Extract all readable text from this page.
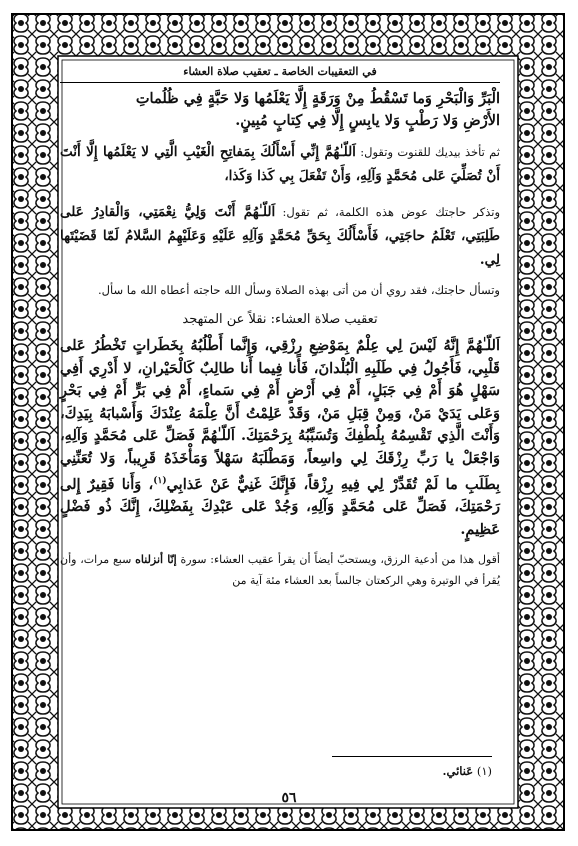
في التعقيبات الخاصة ـ تعقيب صلاة العشاء

الْبَرِّ وَالْبَحْرِ وَما تَسْقُطُ مِنْ وَرَقَةٍ إِلَّا يَعْلَمُها وَلا حَبَّةٍ فِي ظُلُماتِ

الأَرْضِ وَلا رَطْبٍ وَلا يابِسٍ إِلَّا فِي كِتابٍ مُبِينٍ.

ثم تأخذ بيديك للقنوت وتقول: اَللّـٰهُمَّ إِنِّي أَسْأَلُكَ بِمَفاتِحِ الْغَيْبِ الَّتِي لا يَعْلَمُها إِلَّا أَنْتَ أَنْ تُصَلِّيَ عَلى مُحَمَّدٍ وَآلِهِ، وَأَنْ تَفْعَلَ بِي كَذا وَكَذا،

وتذكر حاجتك عوض هذه الكلمة، ثم تقول: اَللّـٰهُمَّ أَنْتَ وَلِيُّ نِعْمَتِي، وَالْقادِرُ عَلى طَلِبَتِي، تَعْلَمُ حاجَتِي، فَأَسْأَلُكَ بِحَقِّ مُحَمَّدٍ وَآلِهِ عَلَيْهِ وَعَلَيْهِمُ السَّلامُ لَمّا قَضَيْتَها لِي.

وتسأل حاجتك، فقد روي أن من أتى بهذه الصلاة وسأل الله حاجته أعطاه الله ما سأل.

تعقيب صلاة العشاء: نقلاً عن المتهجد

اَللّـٰهُمَّ إِنَّهُ لَيْسَ لِي عِلْمٌ بِمَوْضِعِ رِزْقِي، وَإِنَّما أَطْلُبُهُ بِخَطَراتٍ تَخْطُرُ عَلى قَلْبِي، فَأَجُولُ فِي طَلَبِهِ الْبُلْدانَ، فَأَنا فِيما أَنا طالِبٌ كَالْحَيْرانِ، لا أَدْرِي أَفِي سَهْلٍ هُوَ أَمْ فِي جَبَلٍ، أَمْ فِي أَرْضٍ أَمْ فِي سَماءٍ، أَمْ فِي بَرٍّ أَمْ فِي بَحْرٍ وَعَلى يَدَيْ مَنْ، وَمِنْ قِبَلِ مَنْ، وَقَدْ عَلِمْتُ أَنَّ عِلْمَهُ عِنْدَكَ وَأَسْبابَهُ بِيَدِكَ، وَأَنْتَ الَّذِي تَقْسِمُهُ بِلُطْفِكَ وَتُسَبِّبُهُ بِرَحْمَتِكَ. اَللّـٰهُمَّ فَصَلِّ عَلى مُحَمَّدٍ وَآلِهِ، وَاجْعَلْ يا رَبِّ رِزْقَكَ لِي واسِعاً، وَمَطْلَبَهُ سَهْلاً وَمَأْخَذَهُ قَرِيباً، وَلا تُعَنِّنِي بِطَلَبِ ما لَمْ تُقَدِّرْ لِي فِيهِ رِزْقاً، فَإِنَّكَ غَنِيٌّ عَنْ عَذابِي$^{(١)}$، وَأَنا فَقِيرٌ إِلى رَحْمَتِكَ، فَصَلِّ عَلى مُحَمَّدٍ وَآلِهِ، وَجُدْ عَلى عَبْدِكَ بِفَضْلِكَ، إِنَّكَ ذُو فَضْلٍ عَظِيمٍ.

أقول هذا من أدعية الرزق، ويستحبّ أيضاً أن يقرأ عقيب العشاء: سورة إنّا أنزلناه سبع مرات، وأن يُقرأ في الوتيرة وهي الركعتان جالساً بعد العشاء مئة آية من

(١) عَنائي.
٥٦
